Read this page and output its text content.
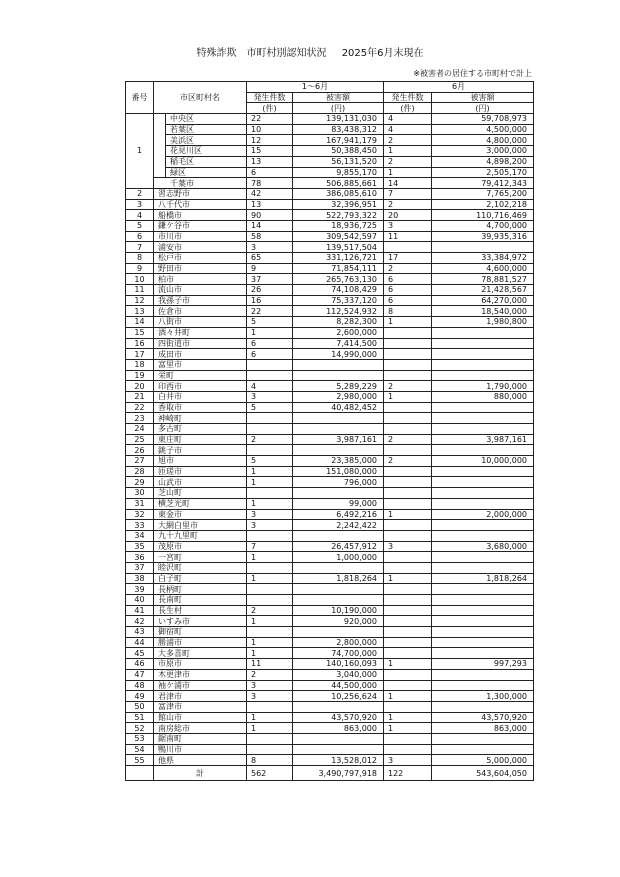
特殊詐欺　市町村別認知状況 2025年6月末現在
※被害者の居住する市町村で計上
番号	市区町村名		1～6月		6月	
			発生件数	被害額	発生件数	被害額
			(件)	(円)	(件)	(円)
1		中央区	22	139,131,030	4	59,708,973
		若葉区	10	83,438,312	4	4,500,000
		美浜区	12	167,941,179	2	4,800,000
		花見川区	15	50,388,450	1	3,000,000
		稲毛区	13	56,131,520	2	4,898,200
		緑区	6	9,855,170	1	2,505,170
	千葉市		78	506,885,661	14	79,412,343
2	習志野市		42	386,085,610	7	7,765,200
3	八千代市		13	32,396,951	2	2,102,218
4	船橋市		90	522,793,322	20	110,716,469
5	鎌ケ谷市		14	18,936,725	3	4,700,000
6	市川市		58	309,542,597	11	39,935,316
7	浦安市		3	139,517,504		
8	松戸市		65	331,126,721	17	33,384,972
9	野田市		9	71,854,111	2	4,600,000
10	柏市		37	265,763,130	6	78,881,527
11	流山市		26	74,108,429	6	21,428,567
12	我孫子市		16	75,337,120	6	64,270,000
13	佐倉市		22	112,524,932	8	18,540,000
14	八街市		5	8,282,300	1	1,980,800
15	酒々井町		1	2,600,000		
16	四街道市		6	7,414,500		
17	成田市		6	14,990,000		
18	富里市					
19	栄町					
20	印西市		4	5,289,229	2	1,790,000
21	白井市		3	2,980,000	1	880,000
22	香取市		5	40,482,452		
23	神崎町					
24	多古町					
25	東庄町		2	3,987,161	2	3,987,161
26	銚子市					
27	旭市		5	23,385,000	2	10,000,000
28	匝瑳市		1	151,080,000		
29	山武市		1	796,000		
30	芝山町					
31	横芝光町		1	99,000		
32	東金市		3	6,492,216	1	2,000,000
33	大網白里市		3	2,242,422		
34	九十九里町					
35	茂原市		7	26,457,912	3	3,680,000
36	一宮町		1	1,000,000		
37	睦沢町					
38	白子町		1	1,818,264	1	1,818,264
39	長柄町					
40	長南町					
41	長生村		2	10,190,000		
42	いすみ市		1	920,000		
43	御宿町					
44	勝浦市		1	2,800,000		
45	大多喜町		1	74,700,000		
46	市原市		11	140,160,093	1	997,293
47	木更津市		2	3,040,000		
48	袖ケ浦市		3	44,500,000		
49	君津市		3	10,256,624	1	1,300,000
50	富津市					
51	館山市		1	43,570,920	1	43,570,920
52	南房総市		1	863,000	1	863,000
53	鋸南町					
54	鴨川市					
55	他県		8	13,528,012	3	5,000,000
	計		562	3,490,797,918	122	543,604,050
